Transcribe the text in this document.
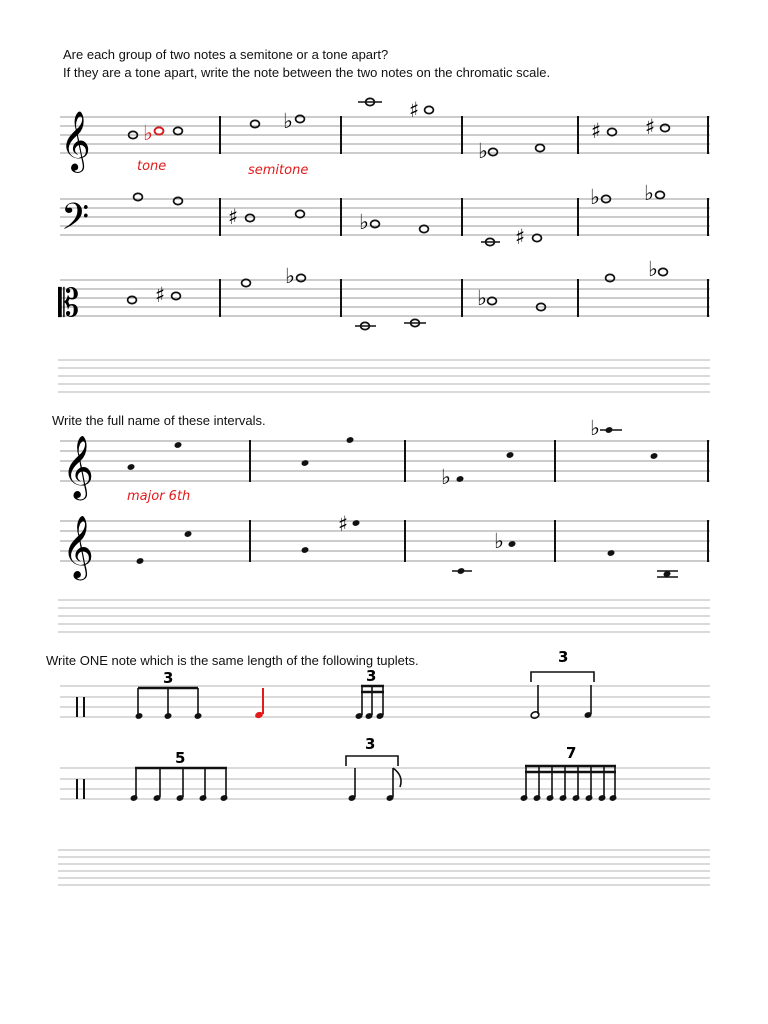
Are each group of two notes a semitone or a tone apart?

If they are a tone apart, write the note between the two notes on the chromatic scale.

Write the full name of these intervals.

Write ONE note which is the same length of the following tuplets.

𝄞 ♭	♭	♯
♭
♯ ♯
tone	semitone
𝄢	♯	♭
♯
♭ ♭
𝄡	♯
♭
♭
♭
𝄞	♭
♭
major 6th
𝄞	♯
♭
3	3
3
5
3	7
